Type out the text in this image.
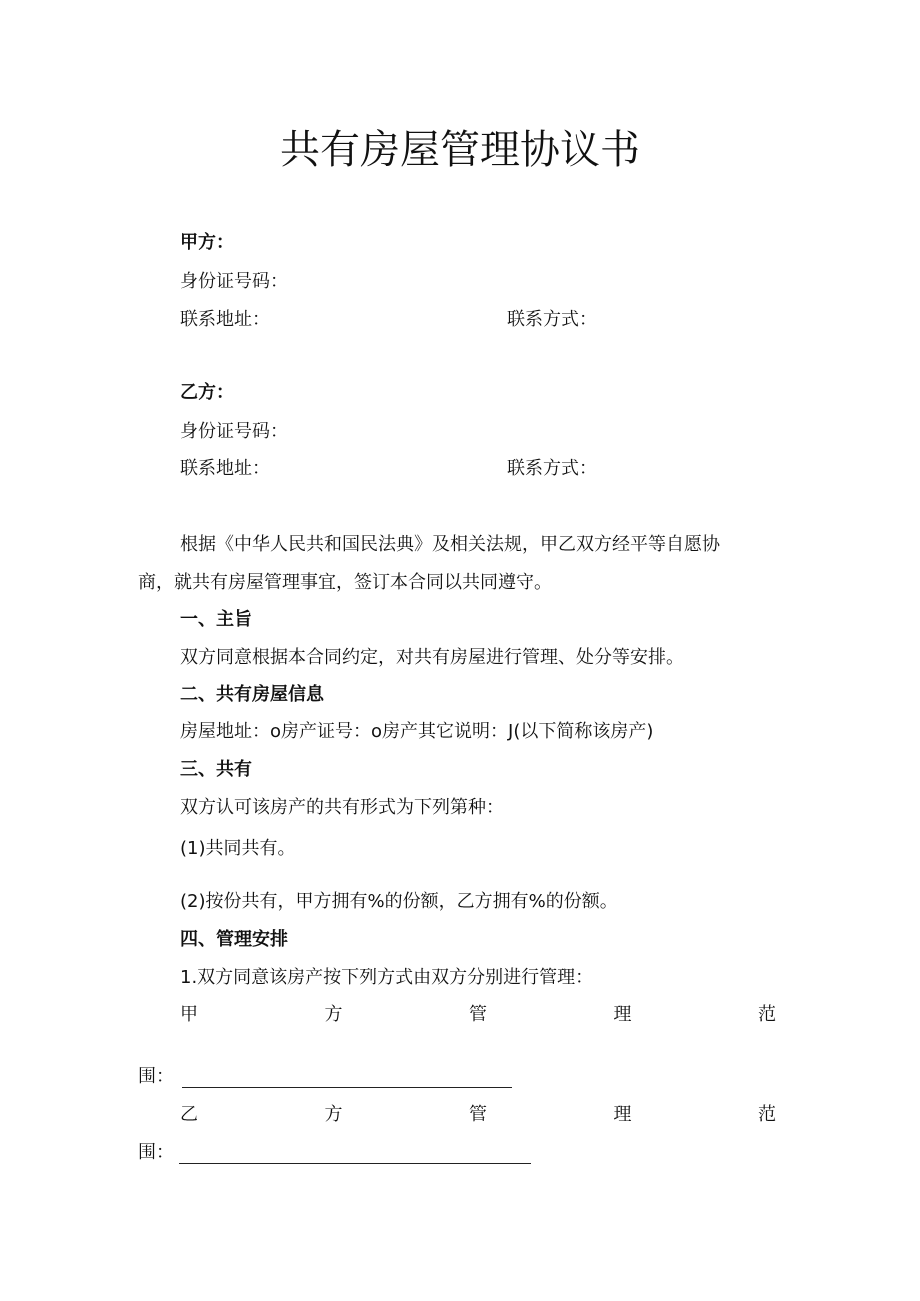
共有房屋管理协议书
甲方：
身份证号码：
联系地址：	联系方式：
乙方：
身份证号码：
联系地址：	联系方式：
根据《中华人民共和国民法典》及相关法规，甲乙双方经平等自愿协
商，就共有房屋管理事宜，签订本合同以共同遵守。
一、主旨
双方同意根据本合同约定，对共有房屋进行管理、处分等安排。
二、共有房屋信息
房屋地址：o房产证号：o房产其它说明：J(以下简称该房产)
三、共有
双方认可该房产的共有形式为下列第种：
(1)共同共有。
(2)按份共有，甲方拥有%的份额，乙方拥有%的份额。
四、管理安排
1.双方同意该房产按下列方式由双方分别进行管理：
甲	方	管	理	范
围：
乙	方	管	理	范
围：
